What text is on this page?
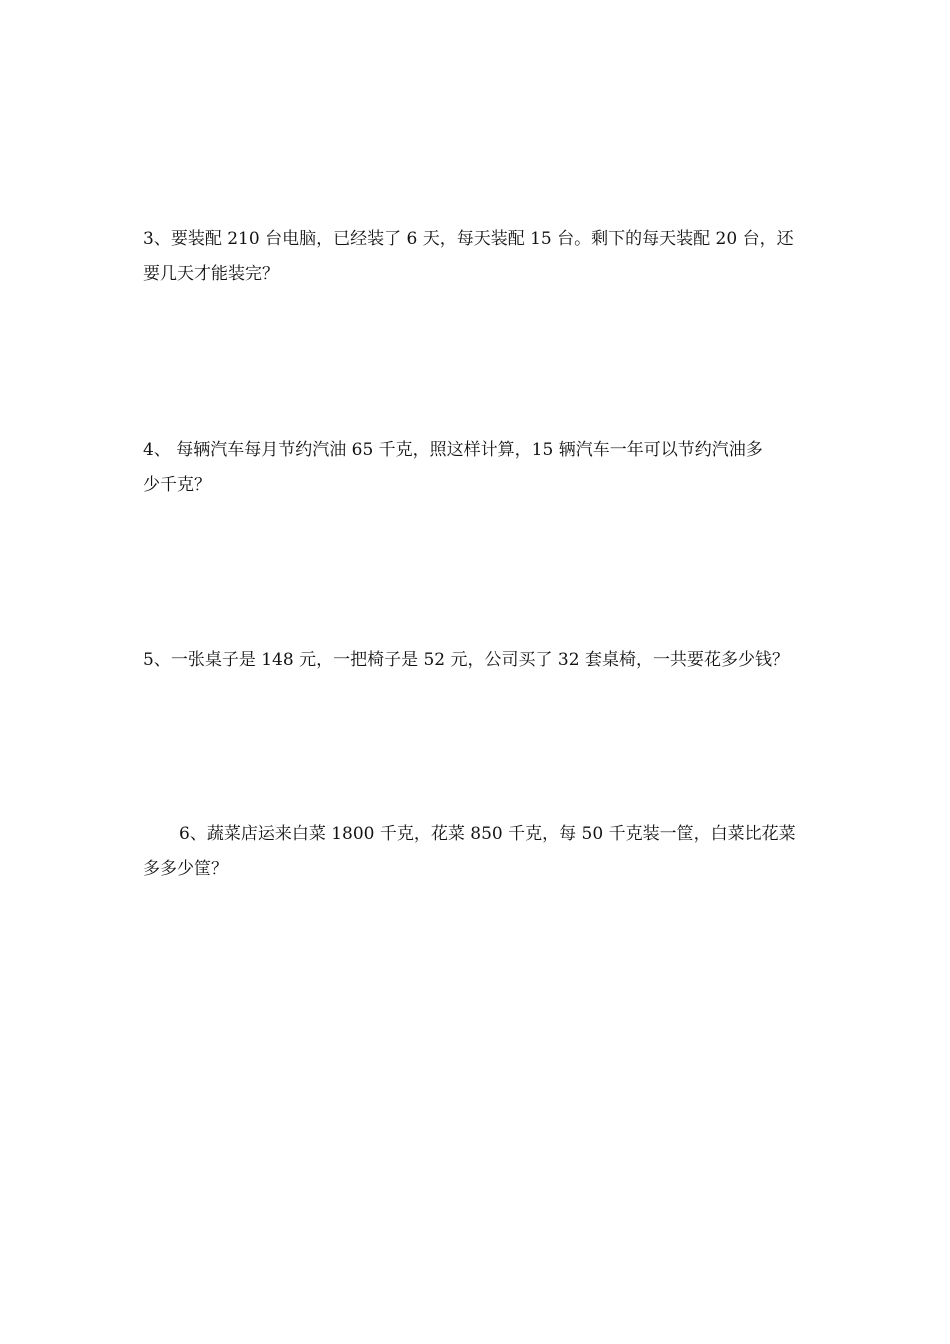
3、要装配 210 台电脑，已经装了 6 天，每天装配 15 台。剩下的每天装配 20 台，还
要几天才能装完？

4、 每辆汽车每月节约汽油 65 千克，照这样计算，15 辆汽车一年可以节约汽油多
少千克？

5、一张桌子是 148 元，一把椅子是 52 元，公司买了 32 套桌椅，一共要花多少钱？

6、蔬菜店运来白菜 1800 千克，花菜 850 千克，每 50 千克装一筐，白菜比花菜
多多少筐？
